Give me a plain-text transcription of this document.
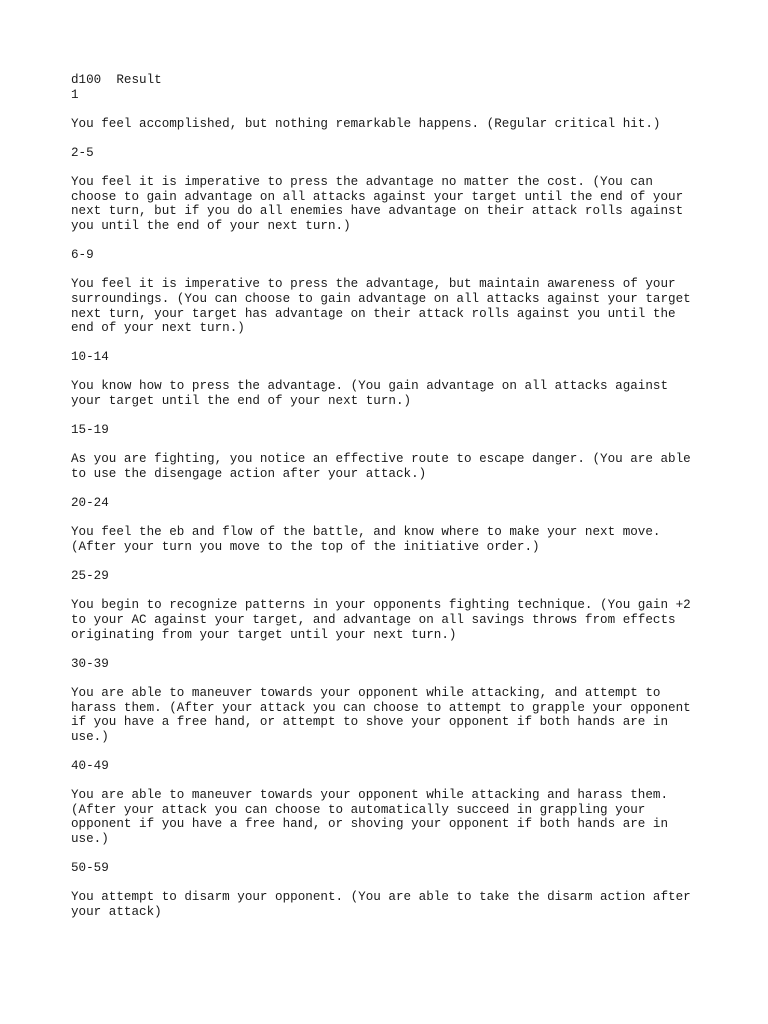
d100 Result
1
You feel accomplished, but nothing remarkable happens. (Regular critical hit.)
2-5
You feel it is imperative to press the advantage no matter the cost. (You can choose to gain advantage on all attacks against your target until the end of your next turn, but if you do all enemies have advantage on their attack rolls against you until the end of your next turn.)
6-9
You feel it is imperative to press the advantage, but maintain awareness of your surroundings. (You can choose to gain advantage on all attacks against your target next turn, your target has advantage on their attack rolls against you until the end of your next turn.)
10-14
You know how to press the advantage. (You gain advantage on all attacks against your target until the end of your next turn.)
15-19
As you are fighting, you notice an effective route to escape danger. (You are able to use the disengage action after your attack.)
20-24
You feel the eb and flow of the battle, and know where to make your next move. (After your turn you move to the top of the initiative order.)
25-29
You begin to recognize patterns in your opponents fighting technique. (You gain +2 to your AC against your target, and advantage on all savings throws from effects originating from your target until your next turn.)
30-39
You are able to maneuver towards your opponent while attacking, and attempt to harass them. (After your attack you can choose to attempt to grapple your opponent if you have a free hand, or attempt to shove your opponent if both hands are in use.)
40-49
You are able to maneuver towards your opponent while attacking and harass them. (After your attack you can choose to automatically succeed in grappling your opponent if you have a free hand, or shoving your opponent if both hands are in use.)
50-59
You attempt to disarm your opponent. (You are able to take the disarm action after your attack)
